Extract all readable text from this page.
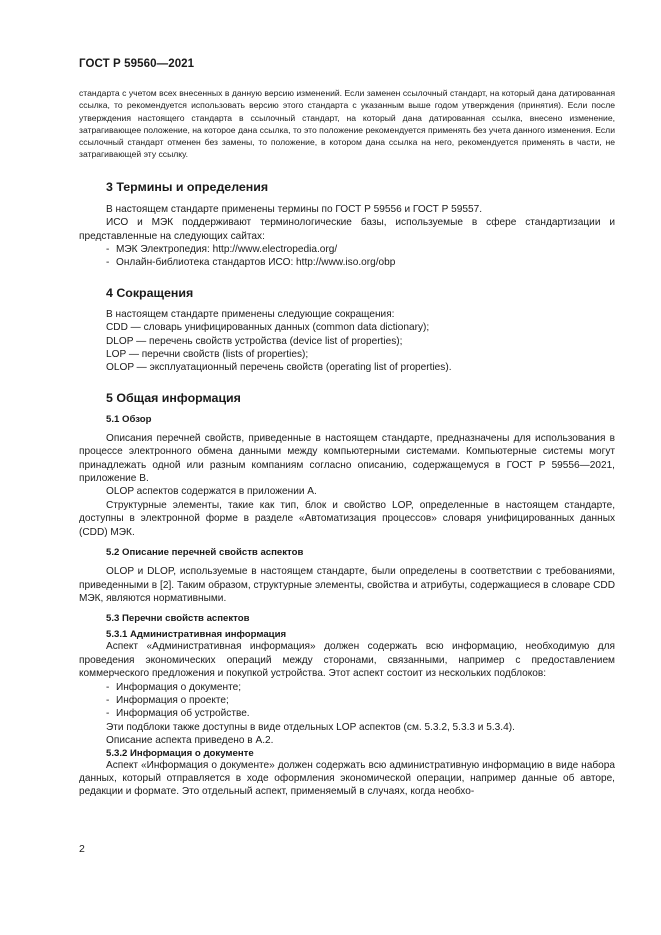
ГОСТ Р 59560—2021

стандарта с учетом всех внесенных в данную версию изменений. Если заменен ссылочный стандарт, на который дана датированная ссылка, то рекомендуется использовать версию этого стандарта с указанным выше годом утверждения (принятия). Если после утверждения настоящего стандарта в ссылочный стандарт, на который дана датированная ссылка, внесено изменение, затрагивающее положение, на которое дана ссылка, то это положение рекомендуется применять без учета данного изменения. Если ссылочный стандарт отменен без замены, то положение, в котором дана ссылка на него, рекомендуется применять в части, не затрагивающей эту ссылку.

3 Термины и определения

В настоящем стандарте применены термины по ГОСТ Р 59556 и ГОСТ Р 59557.

ИСО и МЭК поддерживают терминологические базы, используемые в сфере стандартизации и представленные на следующих сайтах:

- МЭК Электропедия: http://www.electropedia.org/
- Онлайн-библиотека стандартов ИСО: http://www.iso.org/obp
4 Сокращения
В настоящем стандарте применены следующие сокращения:
CDD — словарь унифицированных данных (common data dictionary);
DLOP — перечень свойств устройства (device list of properties);
LOP — перечни свойств (lists of properties);
OLOP — эксплуатационный перечень свойств (operating list of properties).
5 Общая информация
5.1 Обзор

Описания перечней свойств, приведенные в настоящем стандарте, предназначены для использования в процессе электронного обмена данными между компьютерными системами. Компьютерные системы могут принадлежать одной или разным компаниям согласно описанию, содержащемуся в ГОСТ Р 59556—2021, приложение В.

OLOP аспектов содержатся в приложении А.

Структурные элементы, такие как тип, блок и свойство LOP, определенные в настоящем стандарте, доступны в электронной форме в разделе «Автоматизация процессов» словаря унифицированных данных (CDD) МЭК.

5.2 Описание перечней свойств аспектов

OLOP и DLOP, используемые в настоящем стандарте, были определены в соответствии с требованиями, приведенными в [2]. Таким образом, структурные элементы, свойства и атрибуты, содержащиеся в словаре CDD МЭК, являются нормативными.

5.3 Перечни свойств аспектов
5.3.1 Административная информация

Аспект «Административная информация» должен содержать всю информацию, необходимую для проведения экономических операций между сторонами, связанными, например с предоставлением коммерческого предложения и покупкой устройства. Этот аспект состоит из нескольких подблоков:

- Информация о документе;
- Информация о проекте;
- Информация об устройстве.

Эти подблоки также доступны в виде отдельных LOP аспектов (см. 5.3.2, 5.3.3 и 5.3.4).

Описание аспекта приведено в А.2.

5.3.2 Информация о документе

Аспект «Информация о документе» должен содержать всю административную информацию в виде набора данных, который отправляется в ходе оформления экономической операции, например данные об авторе, редакции и формате. Это отдельный аспект, применяемый в случаях, когда необхо-

2
